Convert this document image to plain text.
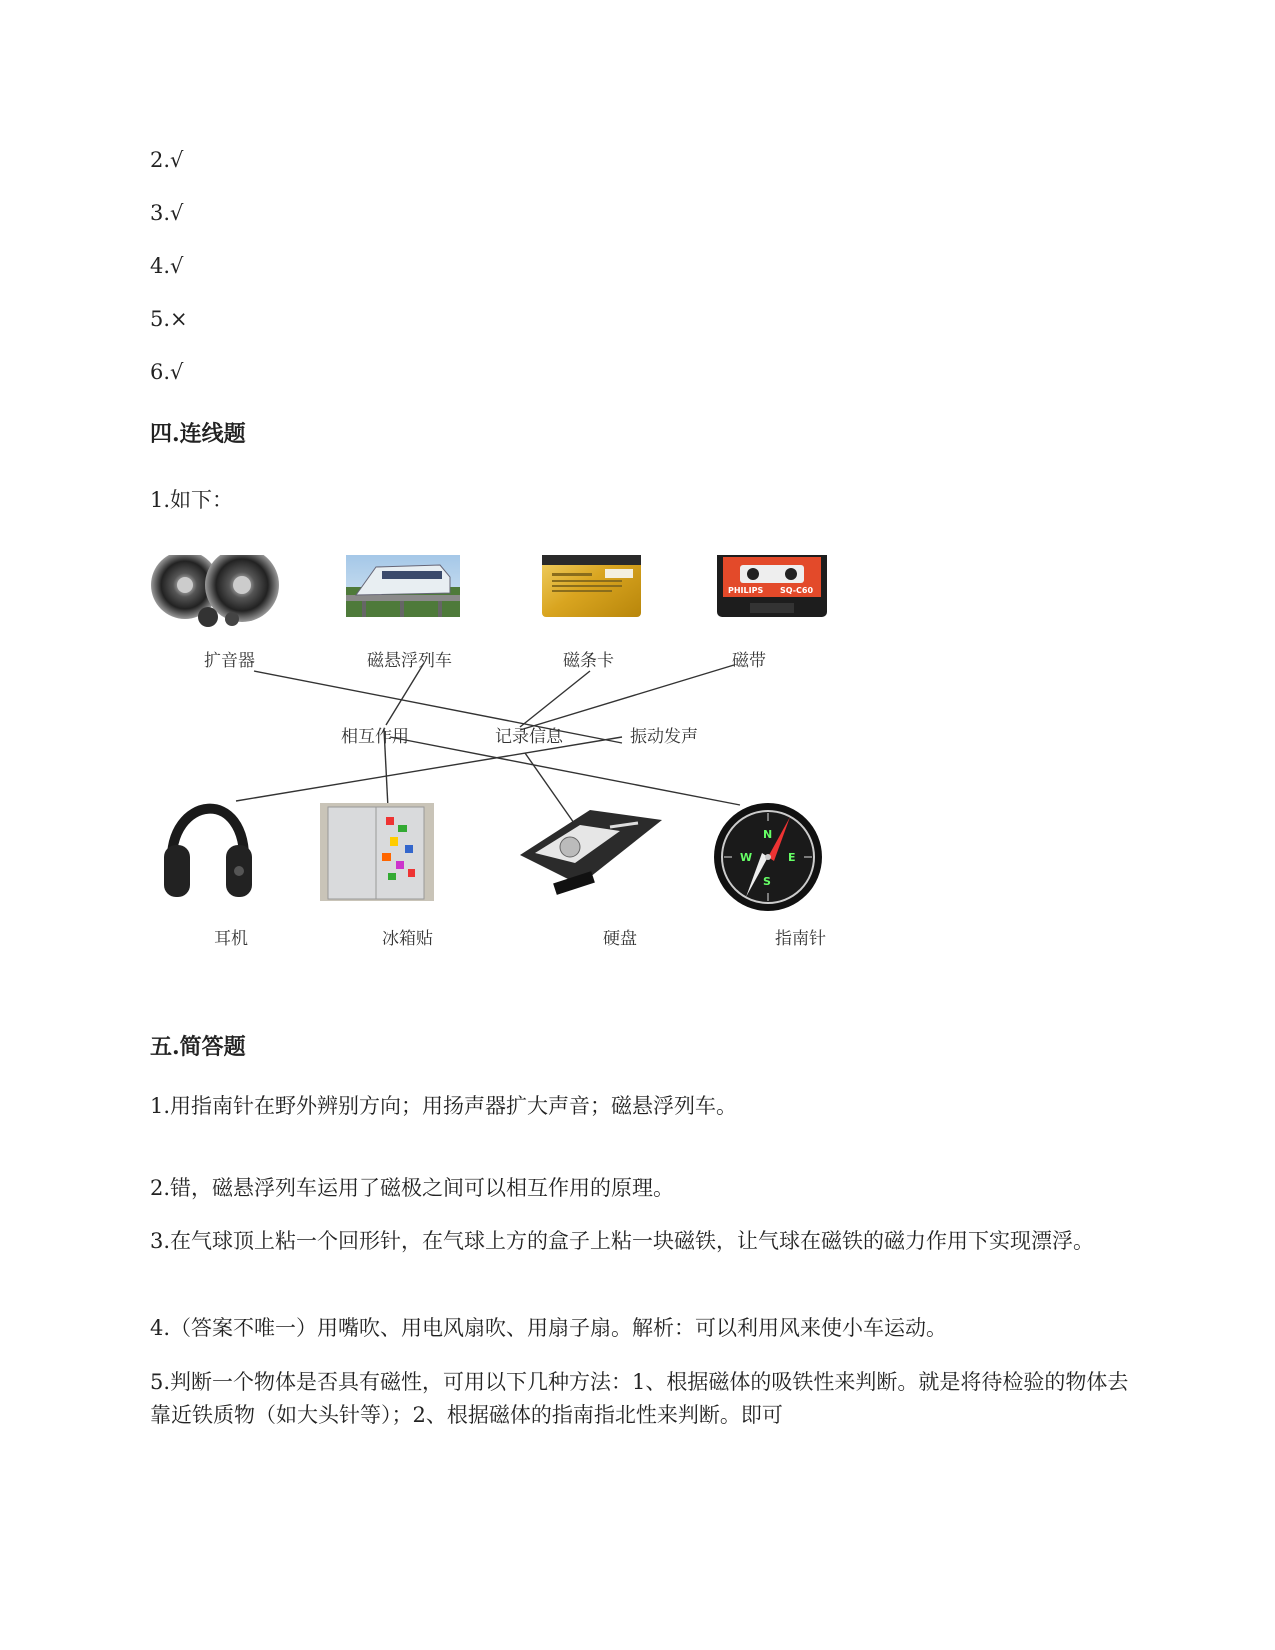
2.√
3.√
4.√
5.×
6.√
四.连线题
1.如下：
PHILIPS SQ-C60
扩音器	磁悬浮列车	磁条卡	磁带
相互作用	记录信息	振动发声
N
S
W	E
耳机	冰箱贴	硬盘	指南针
五.简答题
1.用指南针在野外辨别方向；用扬声器扩大声音；磁悬浮列车。
2.错，磁悬浮列车运用了磁极之间可以相互作用的原理。
3.在气球顶上粘一个回形针，在气球上方的盒子上粘一块磁铁，让气球在磁铁的磁力作用下实现漂浮。
4.（答案不唯一）用嘴吹、用电风扇吹、用扇子扇。解析：可以利用风来使小车运动。
5.判断一个物体是否具有磁性，可用以下几种方法：1、根据磁体的吸铁性来判断。就是将待检验的物体去靠近铁质物（如大头针等）；2、根据磁体的指南指北性来判断。即可
